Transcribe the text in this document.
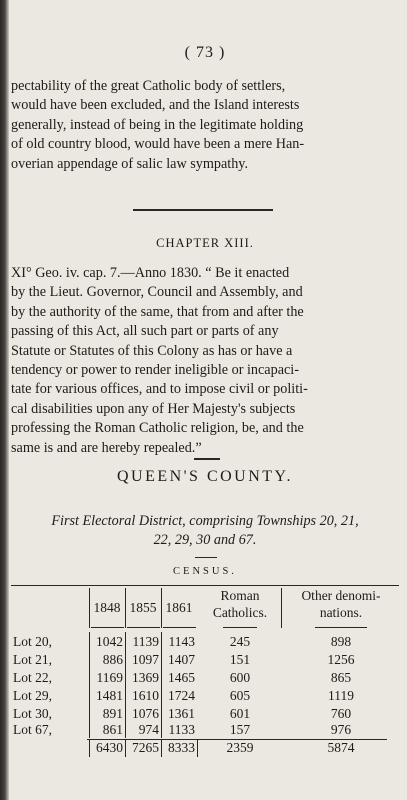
( 73 )
pectability of the great Catholic body of settlers,
would have been excluded, and the Island interests
generally, instead of being in the legitimate holding
of old country blood, would have been a mere Han-
overian appendage of salic law sympathy.
CHAPTER XIII.
XI° Geo. iv. cap. 7.—Anno 1830. “ Be it enacted
by the Lieut. Governor, Council and Assembly, and
by the authority of the same, that from and after the
passing of this Act, all such part or parts of any
Statute or Statutes of this Colony as has or have a
tendency or power to render ineligible or incapaci-
tate for various offices, and to impose civil or politi-
cal disabilities upon any of Her Majesty's subjects
professing the Roman Catholic religion, be, and the
same is and are hereby repealed.”
QUEEN'S COUNTY.
First Electoral District, comprising Townships 20, 21,
22, 29, 30 and 67.
CENSUS.
1848 1855 1861
Roman
Catholics.
Other denomi-
nations.
Lot 20,	1042 1139 1143	245	898
Lot 21,	886 1097 1407	151	1256
Lot 22,	1169 1369 1465	600	865
Lot 29,	1481 1610 1724	605	1119
Lot 30,	891 1076 1361	601	760
Lot 67,	861	974 1133	157	976
6430 7265 8333	2359	5874
